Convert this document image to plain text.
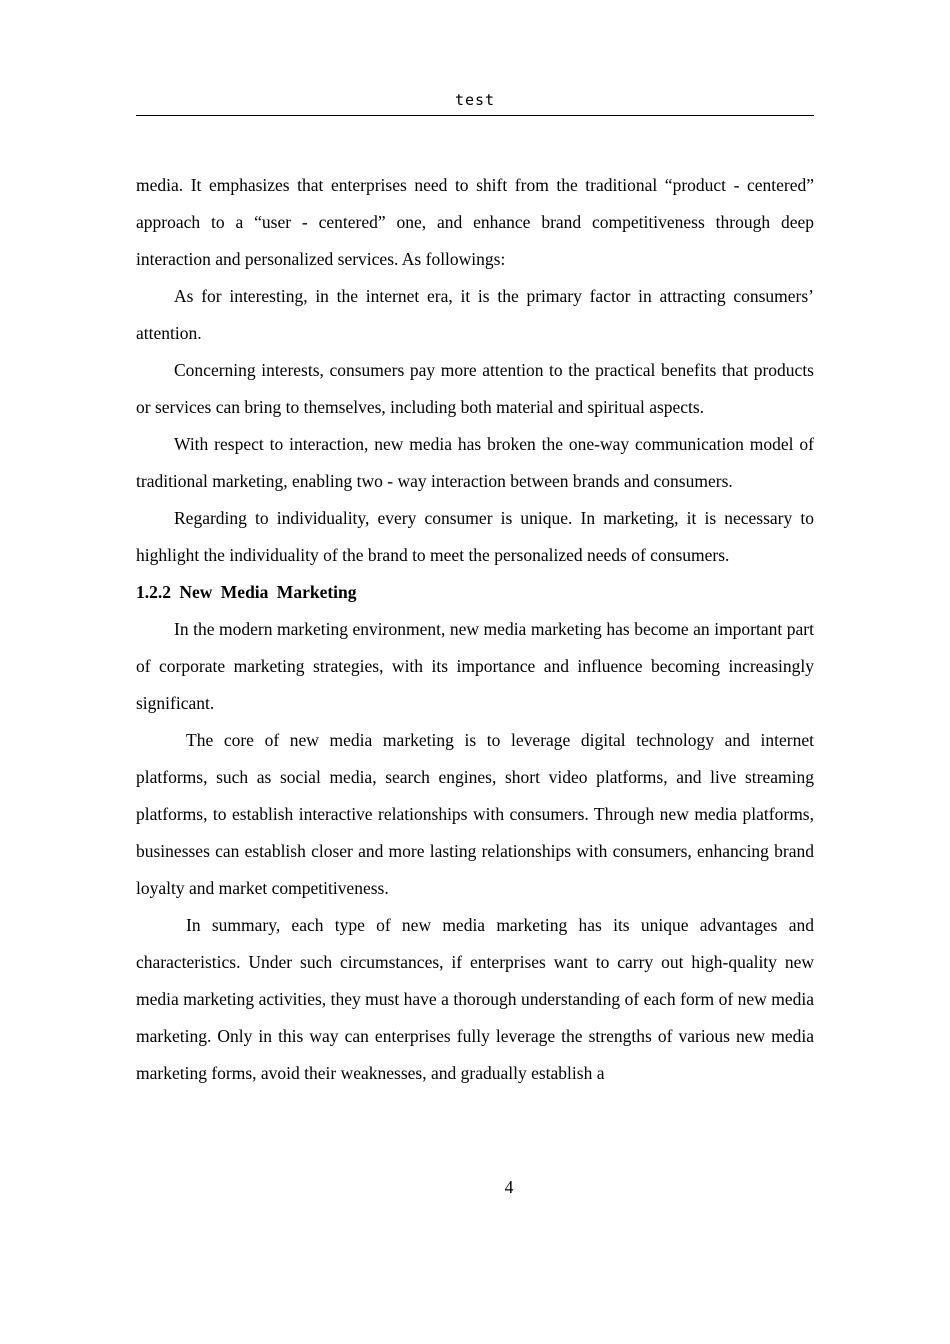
test

media. It emphasizes that enterprises need to shift from the traditional “product - centered” approach to a “user - centered” one, and enhance brand competitiveness through deep interaction and personalized services. As followings:

As for interesting, in the internet era, it is the primary factor in attracting consumers’ attention.

Concerning interests, consumers pay more attention to the practical benefits that products or services can bring to themselves, including both material and spiritual aspects.

With respect to interaction, new media has broken the one-way communication model of traditional marketing, enabling two - way interaction between brands and consumers.

Regarding to individuality, every consumer is unique. In marketing, it is necessary to highlight the individuality of the brand to meet the personalized needs of consumers.

1.2.2 New Media Marketing

In the modern marketing environment, new media marketing has become an important part of corporate marketing strategies, with its importance and influence becoming increasingly significant.

The core of new media marketing is to leverage digital technology and internet platforms, such as social media, search engines, short video platforms, and live streaming platforms, to establish interactive relationships with consumers. Through new media platforms, businesses can establish closer and more lasting relationships with consumers, enhancing brand loyalty and market competitiveness.

In summary, each type of new media marketing has its unique advantages and characteristics. Under such circumstances, if enterprises want to carry out high-quality new media marketing activities, they must have a thorough understanding of each form of new media marketing. Only in this way can enterprises fully leverage the strengths of various new media marketing forms, avoid their weaknesses, and gradually establish a

4
